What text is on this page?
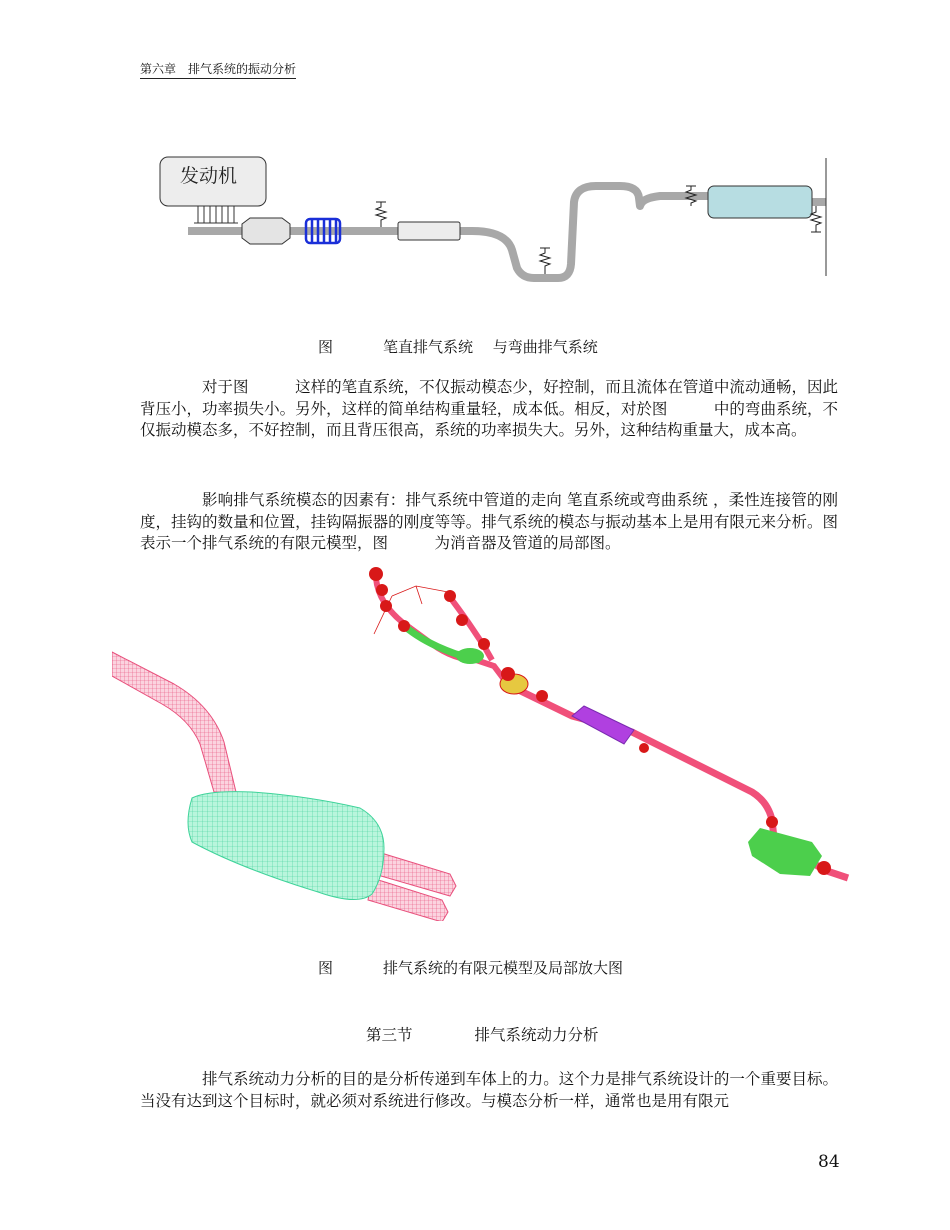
第六章　排气系统的振动分析
发动机
图	笔直排气系统　 与弯曲排气系统

对于图　　　这样的笔直系统，不仅振动模态少，好控制，而且流体在管道中流动通畅，因此背压小，功率损失小。另外，这样的简单结构重量轻，成本低。相反，对於图　　　中的弯曲系统，不仅振动模态多，不好控制，而且背压很高，系统的功率损失大。另外，这种结构重量大，成本高。

影响排气系统模态的因素有：排气系统中管道的走向 笔直系统或弯曲系统 ，柔性连接管的刚度，挂钩的数量和位置，挂钩隔振器的刚度等等。排气系统的模态与振动基本上是用有限元来分析。图　　　表示一个排气系统的有限元模型，图　　　为消音器及管道的局部图。

图	排气系统的有限元模型及局部放大图
第三节	排气系统动力分析

排气系统动力分析的目的是分析传递到车体上的力。这个力是排气系统设计的一个重要目标。当没有达到这个目标时，就必须对系统进行修改。与模态分析一样，通常也是用有限元

84
